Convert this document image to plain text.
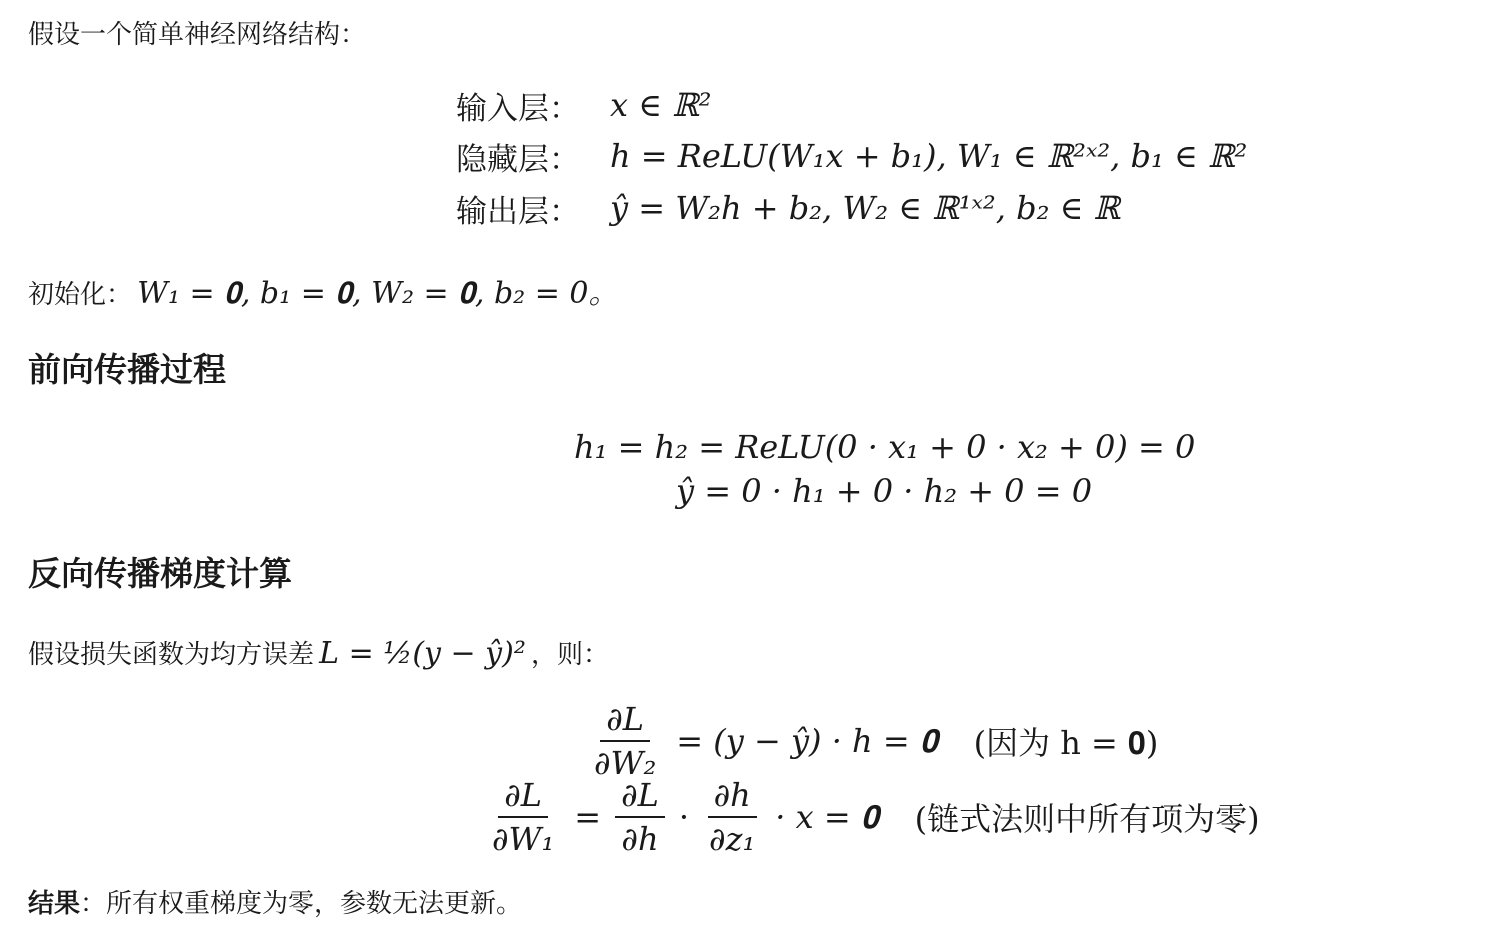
假设一个简单神经网络结构：
输入层： x ∈ ℝ²
隐藏层： h = ReLU(W₁x + b₁), W₁ ∈ ℝ²ˣ², b₁ ∈ ℝ²
输出层： ŷ = W₂h + b₂, W₂ ∈ ℝ¹ˣ², b₂ ∈ ℝ
初始化： W₁ = 𝟎, b₁ = 𝟎, W₂ = 𝟎, b₂ = 0。
前向传播过程
h₁ = h₂ = ReLU(0 · x₁ + 0 · x₂ + 0) = 0
ŷ = 0 · h₁ + 0 · h₂ + 0 = 0
反向传播梯度计算
假设损失函数为均方误差 L = ½(y − ŷ)² ，则：
$\frac{\partial L}{\text{∂W₂}} = (y$ − ŷ) · h = 𝟎 (因为 h = 𝟎)
$\frac{\partial L}{\text{∂W₁}} = \frac{\partial L}{\partial h} \cdot \frac{\partial h}{\text{∂z₁}} \cdot x$ = 𝟎 (链式法则中所有项为零)
结果：所有权重梯度为零，参数无法更新。
